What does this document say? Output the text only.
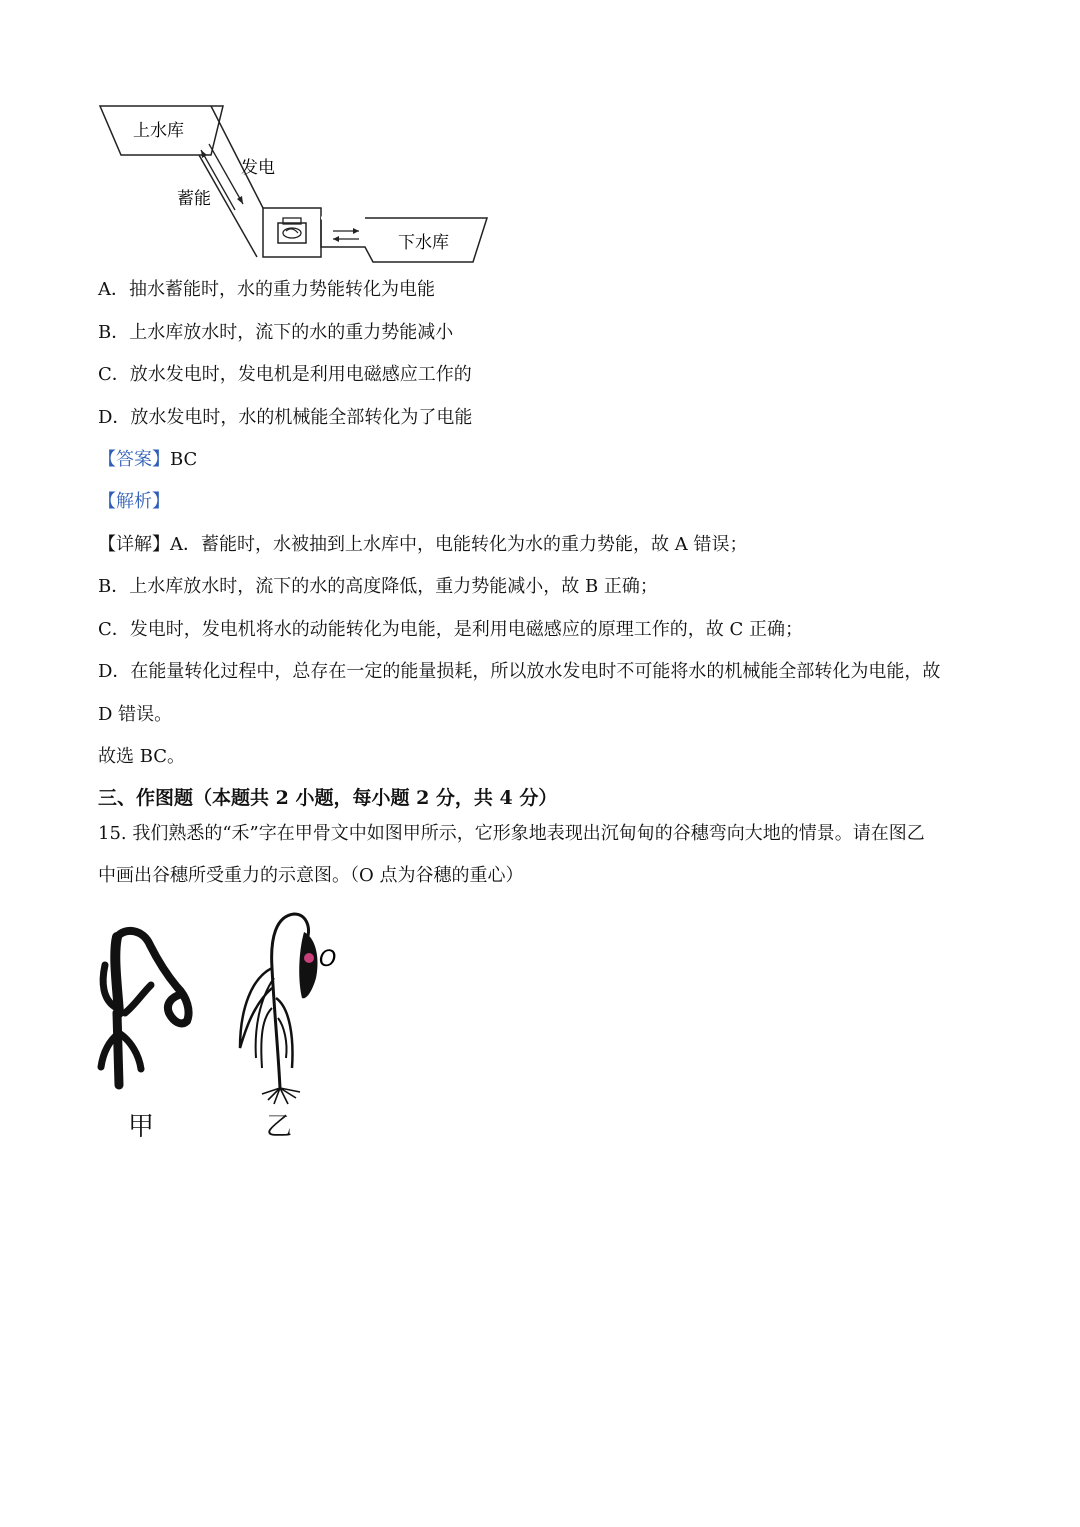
上水库
发电
蓄能
下水库
A．抽水蓄能时，水的重力势能转化为电能
B．上水库放水时，流下的水的重力势能减小
C．放水发电时，发电机是利用电磁感应工作的
D．放水发电时，水的机械能全部转化为了电能
【答案】BC
【解析】
【详解】A．蓄能时，水被抽到上水库中，电能转化为水的重力势能，故 A 错误；
B．上水库放水时，流下的水的高度降低，重力势能减小，故 B 正确；
C．发电时，发电机将水的动能转化为电能，是利用电磁感应的原理工作的，故 C 正确；
D．在能量转化过程中，总存在一定的能量损耗，所以放水发电时不可能将水的机械能全部转化为电能，故
D 错误。
故选 BC。
三、作图题（本题共 2 小题，每小题 2 分，共 4 分）
15. 我们熟悉的“禾”字在甲骨文中如图甲所示，它形象地表现出沉甸甸的谷穗弯向大地的情景。请在图乙
中画出谷穗所受重力的示意图。（O 点为谷穗的重心）
O
甲	乙
